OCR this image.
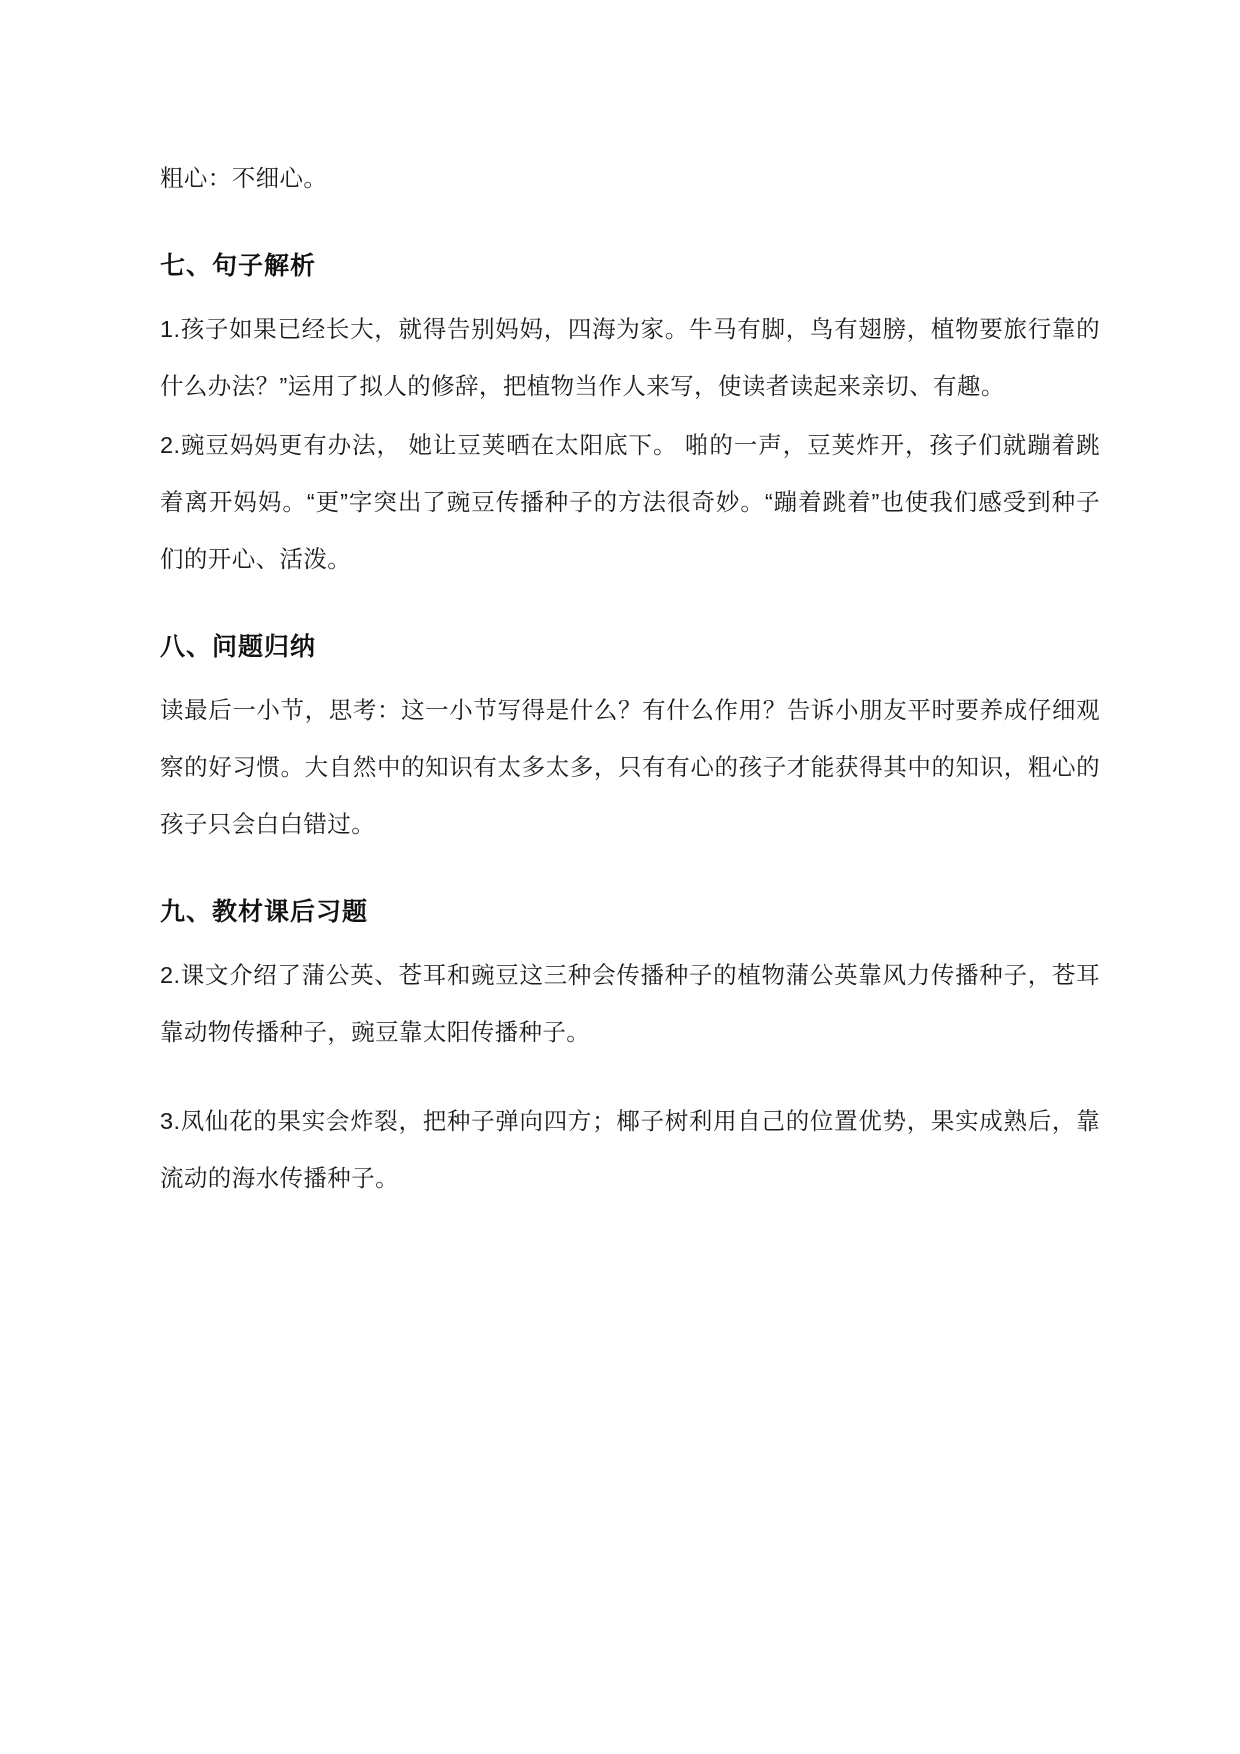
粗心：不细心。

七、句子解析

1.孩子如果已经长大，就得告别妈妈，四海为家。牛马有脚，鸟有翅膀，植物要旅行靠的什么办法？”运用了拟人的修辞，把植物当作人来写，使读者读起来亲切、有趣。

2.豌豆妈妈更有办法， 她让豆荚晒在太阳底下。 啪的一声，豆荚炸开，孩子们就蹦着跳着离开妈妈。“更”字突出了豌豆传播种子的方法很奇妙。“蹦着跳着”也使我们感受到种子们的开心、活泼。

八、问题归纳

读最后一小节，思考：这一小节写得是什么？有什么作用？告诉小朋友平时要养成仔细观察的好习惯。大自然中的知识有太多太多，只有有心的孩子才能获得其中的知识，粗心的孩子只会白白错过。

九、教材课后习题

2.课文介绍了蒲公英、苍耳和豌豆这三种会传播种子的植物蒲公英靠风力传播种子，苍耳靠动物传播种子，豌豆靠太阳传播种子。

3.凤仙花的果实会炸裂，把种子弹向四方；椰子树利用自己的位置优势，果实成熟后，靠流动的海水传播种子。
